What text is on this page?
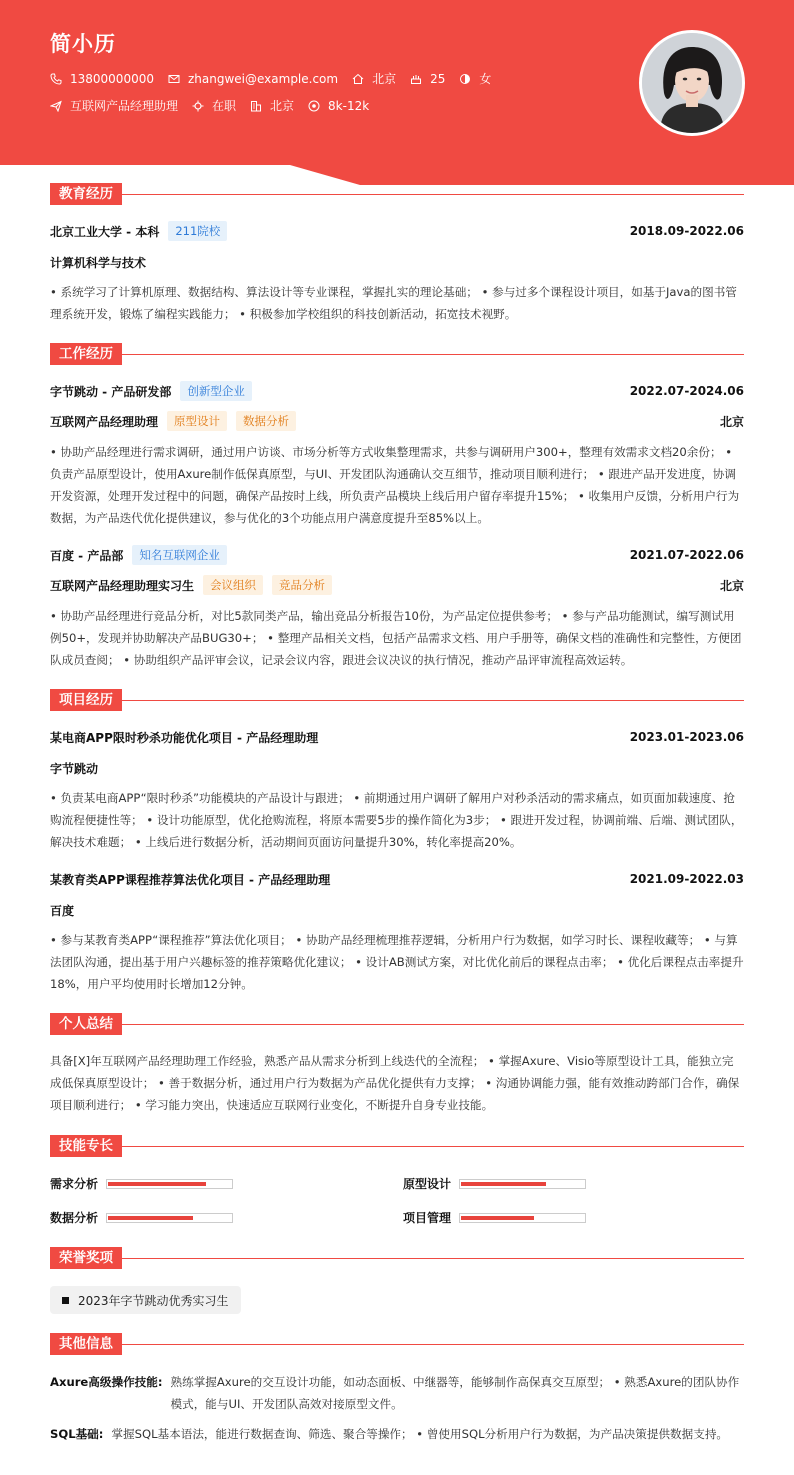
简小历
13800000000	zhangwei@example.com	北京	25	女
互联网产品经理助理	在职	北京	8k-12k
教育经历
北京工业大学 - 本科	211院校	2018.09-2022.06
计算机科学与技术
• 系统学习了计算机原理、数据结构、算法设计等专业课程，掌握扎实的理论基础； • 参与过多个课程设计项目，如基于Java的图书管理系统开发，锻炼了编程实践能力； • 积极参加学校组织的科技创新活动，拓宽技术视野。
工作经历
字节跳动 - 产品研发部	创新型企业	2022.07-2024.06
互联网产品经理助理	原型设计	数据分析	北京
• 协助产品经理进行需求调研，通过用户访谈、市场分析等方式收集整理需求，共参与调研用户300+，整理有效需求文档20余份； • 负责产品原型设计，使用Axure制作低保真原型，与UI、开发团队沟通确认交互细节，推动项目顺利进行； • 跟进产品开发进度，协调开发资源，处理开发过程中的问题，确保产品按时上线，所负责产品模块上线后用户留存率提升15%； • 收集用户反馈，分析用户行为数据，为产品迭代优化提供建议，参与优化的3个功能点用户满意度提升至85%以上。
百度 - 产品部	知名互联网企业	2021.07-2022.06
互联网产品经理助理实习生	会议组织	竞品分析	北京
• 协助产品经理进行竞品分析，对比5款同类产品，输出竞品分析报告10份，为产品定位提供参考； • 参与产品功能测试，编写测试用例50+，发现并协助解决产品BUG30+； • 整理产品相关文档，包括产品需求文档、用户手册等，确保文档的准确性和完整性，方便团队成员查阅； • 协助组织产品评审会议，记录会议内容，跟进会议决议的执行情况，推动产品评审流程高效运转。
项目经历
某电商APP限时秒杀功能优化项目 - 产品经理助理	2023.01-2023.06
字节跳动
• 负责某电商APP“限时秒杀”功能模块的产品设计与跟进； • 前期通过用户调研了解用户对秒杀活动的需求痛点，如页面加载速度、抢购流程便捷性等； • 设计功能原型，优化抢购流程，将原本需要5步的操作简化为3步； • 跟进开发过程，协调前端、后端、测试团队，解决技术难题； • 上线后进行数据分析，活动期间页面访问量提升30%，转化率提高20%。
某教育类APP课程推荐算法优化项目 - 产品经理助理	2021.09-2022.03
百度
• 参与某教育类APP“课程推荐”算法优化项目； • 协助产品经理梳理推荐逻辑，分析用户行为数据，如学习时长、课程收藏等； • 与算法团队沟通，提出基于用户兴趣标签的推荐策略优化建议； • 设计AB测试方案，对比优化前后的课程点击率； • 优化后课程点击率提升18%，用户平均使用时长增加12分钟。
个人总结
具备[X]年互联网产品经理助理工作经验，熟悉产品从需求分析到上线迭代的全流程； • 掌握Axure、Visio等原型设计工具，能独立完成低保真原型设计； • 善于数据分析，通过用户行为数据为产品优化提供有力支撑； • 沟通协调能力强，能有效推动跨部门合作，确保项目顺利进行； • 学习能力突出，快速适应互联网行业变化，不断提升自身专业技能。
技能专长
需求分析	原型设计
数据分析	项目管理
荣誉奖项
2023年字节跳动优秀实习生
其他信息
Axure高级操作技能: 熟练掌握Axure的交互设计功能，如动态面板、中继器等，能够制作高保真交互原型； • 熟悉Axure的团队协作模式，能与UI、开发团队高效对接原型文件。
SQL基础: 掌握SQL基本语法，能进行数据查询、筛选、聚合等操作； • 曾使用SQL分析用户行为数据，为产品决策提供数据支持。
